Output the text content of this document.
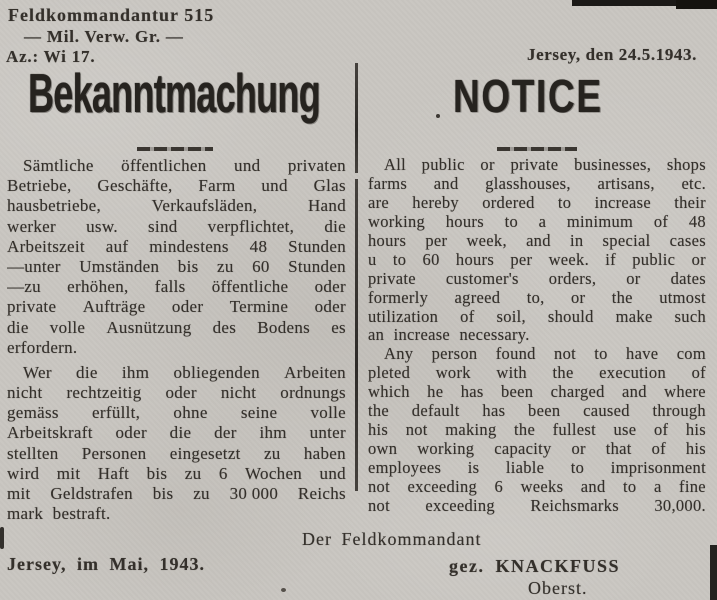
Feldkommandantur 515
— Mil. Verw. Gr. —
Az.: Wi 17.	Jersey, den 24.5.1943.
Bekanntmachung	NOTICE
Sämtliche öffentlichen und privaten
Betriebe, Geschäfte, Farm und Glas
hausbetriebe,	Verkaufsläden,	Hand
werker usw. sind verpflichtet, die
Arbeitszeit auf mindestens 48 Stunden
—unter Umständen bis zu 60 Stunden
—zu erhöhen, falls öffentliche oder
private Aufträge oder Termine oder
die volle Ausnützung des Bodens es
erfordern.
Wer die ihm obliegenden Arbeiten
nicht rechtzeitig oder nicht ordnungs
gemäss erfüllt, ohne seine volle
Arbeitskraft oder die der ihm unter
stellten Personen eingesetzt zu haben
wird mit Haft bis zu 6 Wochen und
mit Geldstrafen bis zu 30 000 Reichs
mark bestraft.
All public or private businesses, shops
farms and glasshouses, artisans, etc.
are hereby ordered to increase their
working hours to a minimum of 48
hours per week, and in special cases
u to 60 hours per week. if public or
private customer's orders, or dates
formerly agreed to, or the utmost
utilization of soil, should make such
an increase necessary.
Any person found not to have com
pleted work with the execution of
which he has been charged and where
the default has been caused through
his not making the fullest use of his
own working capacity or that of his
employees is liable to imprisonment
not exceeding 6 weeks and to a fine
not exceeding Reichsmarks 30,000.
Der Feldkommandant
Jersey, im Mai, 1943.	gez. KNACKFUSS
Oberst.
